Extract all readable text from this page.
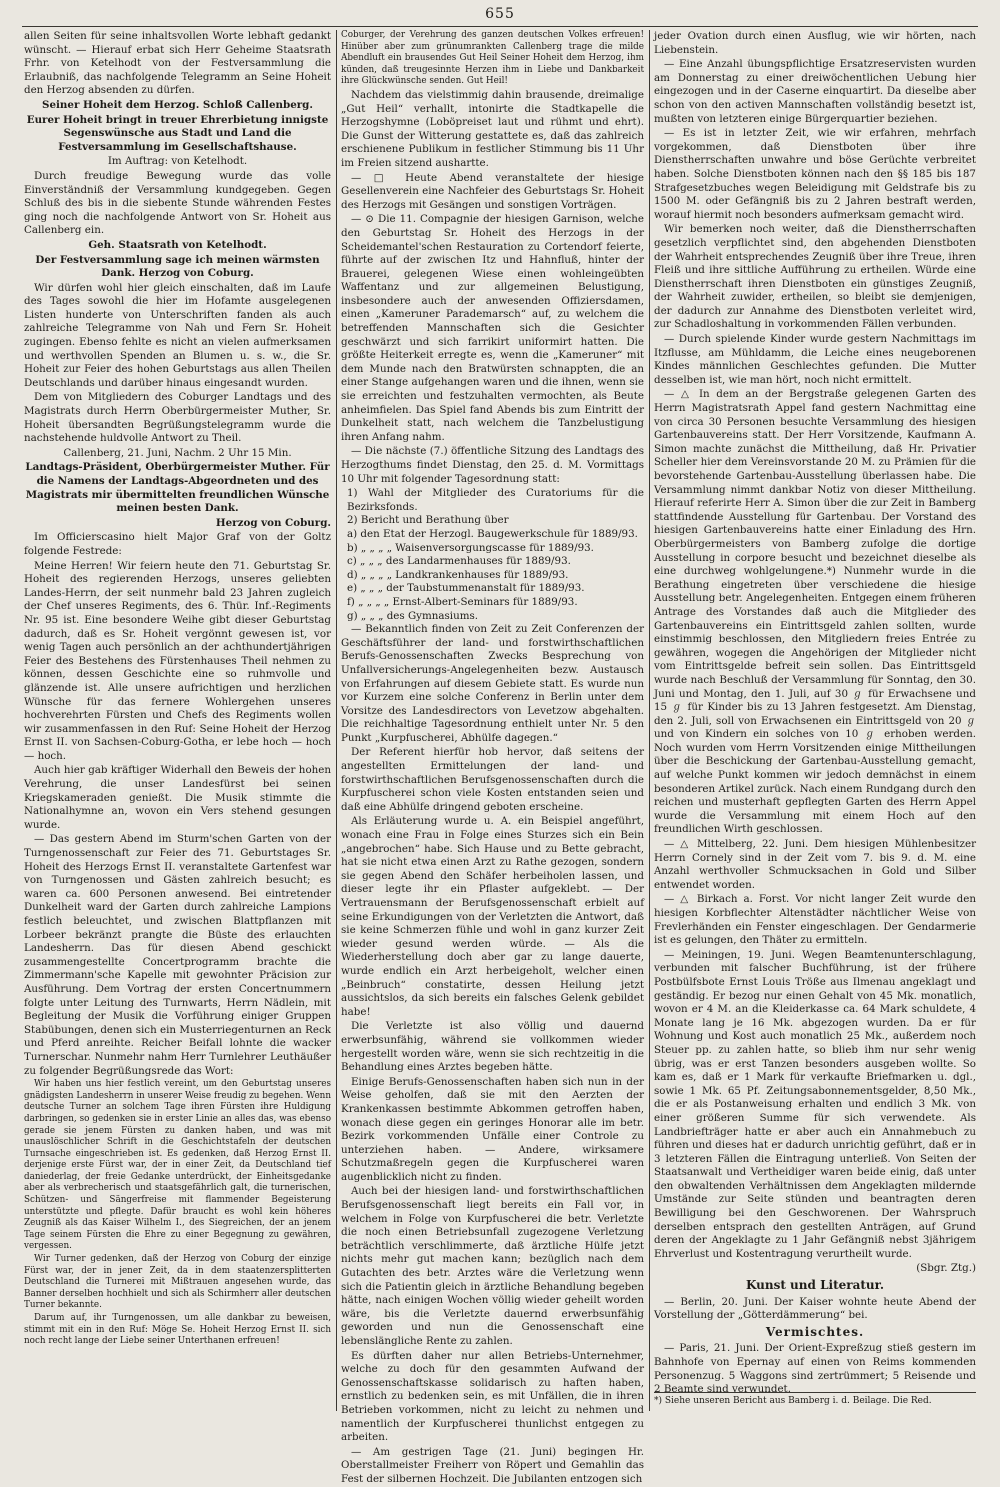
655

allen Seiten für seine inhaltsvollen Worte lebhaft gedankt wünscht. — Hierauf erbat sich Herr Geheime Staatsrath Frhr. von Ketelhodt von der Festversammlung die Erlaubniß, das nachfolgende Telegramm an Seine Hoheit den Herzog absenden zu dürfen.

Seiner Hoheit dem Herzog. Schloß Callenberg.

Eurer Hoheit bringt in treuer Ehrerbietung innigste Segenswünsche aus Stadt und Land die Festversammlung im Gesellschaftshause.

Im Auftrag: von Ketelhodt.

Durch freudige Bewegung wurde das volle Einverständniß der Versammlung kundgegeben. Gegen Schluß des bis in die siebente Stunde währenden Festes ging noch die nachfolgende Antwort von Sr. Hoheit aus Callenberg ein.

Geh. Staatsrath von Ketelhodt.

Der Festversammlung sage ich meinen wärmsten Dank. Herzog von Coburg.

Wir dürfen wohl hier gleich einschalten, daß im Laufe des Tages sowohl die hier im Hofamte ausgelegenen Listen hunderte von Unterschriften fanden als auch zahlreiche Telegramme von Nah und Fern Sr. Hoheit zugingen. Ebenso fehlte es nicht an vielen aufmerksamen und werthvollen Spenden an Blumen u. s. w., die Sr. Hoheit zur Feier des hohen Geburtstags aus allen Theilen Deutschlands und darüber hinaus eingesandt wurden.

Dem von Mitgliedern des Coburger Landtags und des Magistrats durch Herrn Oberbürgermeister Muther, Sr. Hoheit übersandten Begrüßungstelegramm wurde die nachstehende huldvolle Antwort zu Theil.

Callenberg, 21. Juni, Nachm. 2 Uhr 15 Min.

Landtags-Präsident, Oberbürgermeister Muther. Für die Namens der Landtags-Abgeordneten und des Magistrats mir übermittelten freundlichen Wünsche meinen besten Dank.

Herzog von Coburg.

Im Officierscasino hielt Major Graf von der Goltz folgende Festrede:

Meine Herren! Wir feiern heute den 71. Geburtstag Sr. Hoheit des regierenden Herzogs, unseres geliebten Landes-Herrn, der seit nunmehr bald 23 Jahren zugleich der Chef unseres Regiments, des 6. Thür. Inf.-Regiments Nr. 95 ist. Eine besondere Weihe gibt dieser Geburtstag dadurch, daß es Sr. Hoheit vergönnt gewesen ist, vor wenig Tagen auch persönlich an der achthundertjährigen Feier des Bestehens des Fürstenhauses Theil nehmen zu können, dessen Geschichte eine so ruhmvolle und glänzende ist. Alle unsere aufrichtigen und herzlichen Wünsche für das fernere Wohlergehen unseres hochverehrten Fürsten und Chefs des Regiments wollen wir zusammenfassen in den Ruf: Seine Hoheit der Herzog Ernst II. von Sachsen-Coburg-Gotha, er lebe hoch — hoch — hoch.

Auch hier gab kräftiger Widerhall den Beweis der hohen Verehrung, die unser Landesfürst bei seinen Kriegskameraden genießt. Die Musik stimmte die Nationalhymne an, wovon ein Vers stehend gesungen wurde.

— Das gestern Abend im Sturm'schen Garten von der Turngenossenschaft zur Feier des 71. Geburtstages Sr. Hoheit des Herzogs Ernst II. veranstaltete Gartenfest war von Turngenossen und Gästen zahlreich besucht; es waren ca. 600 Personen anwesend. Bei eintretender Dunkelheit ward der Garten durch zahlreiche Lampions festlich beleuchtet, und zwischen Blattpflanzen mit Lorbeer bekränzt prangte die Büste des erlauchten Landesherrn. Das für diesen Abend geschickt zusammengestellte Concertprogramm brachte die Zimmermann'sche Kapelle mit gewohnter Präcision zur Ausführung. Dem Vortrag der ersten Concertnummern folgte unter Leitung des Turnwarts, Herrn Nädlein, mit Begleitung der Musik die Vorführung einiger Gruppen Stabübungen, denen sich ein Musterriegenturnen an Reck und Pferd anreihte. Reicher Beifall lohnte die wacker Turnerschar. Nunmehr nahm Herr Turnlehrer Leuthäußer zu folgender Begrüßungsrede das Wort:

Wir haben uns hier festlich vereint, um den Geburtstag unseres gnädigsten Landesherrn in unserer Weise freudig zu begehen. Wenn deutsche Turner an solchem Tage ihren Fürsten ihre Huldigung darbringen, so gedenken sie in erster Linie an alles das, was ebenso gerade sie jenem Fürsten zu danken haben, und was mit unauslöschlicher Schrift in die Geschichtstafeln der deutschen Turnsache eingeschrieben ist. Es gedenken, daß Herzog Ernst II. derjenige erste Fürst war, der in einer Zeit, da Deutschland tief daniederlag, der freie Gedanke unterdrückt, der Einheitsgedanke aber als verbrecherisch und staatsgefährlich galt, die turnerischen, Schützen- und Sängerfreise mit flammender Begeisterung unterstützte und pflegte. Dafür braucht es wohl kein höheres Zeugniß als das Kaiser Wilhelm I., des Siegreichen, der an jenem Tage seinem Fürsten die Ehre zu einer Begegnung zu gewähren, vergessen.

Wir Turner gedenken, daß der Herzog von Coburg der einzige Fürst war, der in jener Zeit, da in dem staatenzersplitterten Deutschland die Turnerei mit Mißtrauen angesehen wurde, das Banner derselben hochhielt und sich als Schirmherr aller deutschen Turner bekannte.

Darum auf, ihr Turngenossen, um alle dankbar zu beweisen, stimmt mit ein in den Ruf: Möge Se. Hoheit Herzog Ernst II. sich noch recht lange der Liebe seiner Unterthanen erfreuen!

Coburger, der Verehrung des ganzen deutschen Volkes erfreuen! Hinüber aber zum grünumrankten Callenberg trage die milde Abendluft ein brausendes Gut Heil Seiner Hoheit dem Herzog, ihm künden, daß treugesinnte Herzen ihm in Liebe und Dankbarkeit ihre Glückwünsche senden. Gut Heil!

Nachdem das vielstimmig dahin brausende, dreimalige „Gut Heil“ verhallt, intonirte die Stadtkapelle die Herzogshymne (Loböpreiset laut und rühmt und ehrt). Die Gunst der Witterung gestattete es, daß das zahlreich erschienene Publikum in festlicher Stimmung bis 11 Uhr im Freien sitzend aushartte.

— □ Heute Abend veranstaltete der hiesige Gesellenverein eine Nachfeier des Geburtstags Sr. Hoheit des Herzogs mit Gesängen und sonstigen Vorträgen.

— ⊙ Die 11. Compagnie der hiesigen Garnison, welche den Geburtstag Sr. Hoheit des Herzogs in der Scheidemantel'schen Restauration zu Cortendorf feierte, führte auf der zwischen Itz und Hahnfluß, hinter der Brauerei, gelegenen Wiese einen wohleingeübten Waffentanz und zur allgemeinen Belustigung, insbesondere auch der anwesenden Offiziersdamen, einen „Kameruner Parademarsch“ auf, zu welchem die betreffenden Mannschaften sich die Gesichter geschwärzt und sich farrikirt uniformirt hatten. Die größte Heiterkeit erregte es, wenn die „Kameruner“ mit dem Munde nach den Bratwürsten schnappten, die an einer Stange aufgehangen waren und die ihnen, wenn sie sie erreichten und festzuhalten vermochten, als Beute anheimfielen. Das Spiel fand Abends bis zum Eintritt der Dunkelheit statt, nach welchem die Tanzbelustigung ihren Anfang nahm.

— Die nächste (7.) öffentliche Sitzung des Landtags des Herzogthums findet Dienstag, den 25. d. M. Vormittags 10 Uhr mit folgender Tagesordnung statt:

1) Wahl der Mitglieder des Curatoriums für die Bezirksfonds.
2) Bericht und Berathung über
a) den Etat der Herzogl. Baugewerkschule für 1889/93.
b) „ „ „ „ Waisenversorgungscasse für 1889/93.
c) „ „ „ des Landarmenhauses für 1889/93.
d) „ „ „ „ Landkrankenhauses für 1889/93.
e) „ „ „ der Taubstummenanstalt für 1889/93.
f) „ „ „ „ Ernst-Albert-Seminars für 1889/93.
g) „ „ „ des Gymnasiums.

— Bekanntlich finden von Zeit zu Zeit Conferenzen der Geschäftsführer der land- und forstwirthschaftlichen Berufs-Genossenschaften Zwecks Besprechung von Unfallversicherungs-Angelegenheiten bezw. Austausch von Erfahrungen auf diesem Gebiete statt. Es wurde nun vor Kurzem eine solche Conferenz in Berlin unter dem Vorsitze des Landesdirectors von Levetzow abgehalten. Die reichhaltige Tagesordnung enthielt unter Nr. 5 den Punkt „Kurpfuscherei, Abhülfe dagegen.“

Der Referent hierfür hob hervor, daß seitens der angestellten Ermittelungen der land- und forstwirthschaftlichen Berufsgenossenschaften durch die Kurpfuscherei schon viele Kosten entstanden seien und daß eine Abhülfe dringend geboten erscheine.

Als Erläuterung wurde u. A. ein Beispiel angeführt, wonach eine Frau in Folge eines Sturzes sich ein Bein „angebrochen“ habe. Sich Hause und zu Bette gebracht, hat sie nicht etwa einen Arzt zu Rathe gezogen, sondern sie gegen Abend den Schäfer herbeiholen lassen, und dieser legte ihr ein Pflaster aufgeklebt. — Der Vertrauensmann der Berufsgenossenschaft erbielt auf seine Erkundigungen von der Verletzten die Antwort, daß sie keine Schmerzen fühle und wohl in ganz kurzer Zeit wieder gesund werden würde. — Als die Wiederherstellung doch aber gar zu lange dauerte, wurde endlich ein Arzt herbeigeholt, welcher einen „Beinbruch“ constatirte, dessen Heilung jetzt aussichtslos, da sich bereits ein falsches Gelenk gebildet habe!

Die Verletzte ist also völlig und dauernd erwerbsunfähig, während sie vollkommen wieder hergestellt worden wäre, wenn sie sich rechtzeitig in die Behandlung eines Arztes begeben hätte.

Einige Berufs-Genossenschaften haben sich nun in der Weise geholfen, daß sie mit den Aerzten der Krankenkassen bestimmte Abkommen getroffen haben, wonach diese gegen ein geringes Honorar alle im betr. Bezirk vorkommenden Unfälle einer Controle zu unterziehen haben. — Andere, wirksamere Schutzmaßregeln gegen die Kurpfuscherei waren augenblicklich nicht zu finden.

Auch bei der hiesigen land- und forstwirthschaftlichen Berufsgenossenschaft liegt bereits ein Fall vor, in welchem in Folge von Kurpfuscherei die betr. Verletzte die noch einen Betriebsunfall zugezogene Verletzung beträchtlich verschlimmerte, daß ärztliche Hülfe jetzt nichts mehr gut machen kann; bezüglich nach dem Gutachten des betr. Arztes wäre die Verletzung wenn sich die Patientin gleich in ärztliche Behandlung begeben hätte, nach einigen Wochen völlig wieder geheilt worden wäre, bis die Verletzte dauernd erwerbsunfähig geworden und nun die Genossenschaft eine lebenslängliche Rente zu zahlen.

Es dürften daher nur allen Betriebs-Unternehmer, welche zu doch für den gesammten Aufwand der Genossenschaftskasse solidarisch zu haften haben, ernstlich zu bedenken sein, es mit Unfällen, die in ihren Betrieben vorkommen, nicht zu leicht zu nehmen und namentlich der Kurpfuscherei thunlichst entgegen zu arbeiten.

— Am gestrigen Tage (21. Juni) begingen Hr. Oberstallmeister Freiherr von Röpert und Gemahlin das Fest der silbernen Hochzeit. Die Jubilanten entzogen sich

jeder Ovation durch einen Ausflug, wie wir hörten, nach Liebenstein.

— Eine Anzahl übungspflichtige Ersatzreservisten wurden am Donnerstag zu einer dreiwöchentlichen Uebung hier eingezogen und in der Caserne einquartirt. Da dieselbe aber schon von den activen Mannschaften vollständig besetzt ist, mußten von letzteren einige Bürgerquartier beziehen.

— Es ist in letzter Zeit, wie wir erfahren, mehrfach vorgekommen, daß Dienstboten über ihre Dienstherrschaften unwahre und böse Gerüchte verbreitet haben. Solche Dienstboten können nach den §§ 185 bis 187 Strafgesetzbuches wegen Beleidigung mit Geldstrafe bis zu 1500 M. oder Gefängniß bis zu 2 Jahren bestraft werden, worauf hiermit noch besonders aufmerksam gemacht wird.

Wir bemerken noch weiter, daß die Dienstherrschaften gesetzlich verpflichtet sind, den abgehenden Dienstboten der Wahrheit entsprechendes Zeugniß über ihre Treue, ihren Fleiß und ihre sittliche Aufführung zu ertheilen. Würde eine Dienstherrschaft ihren Dienstboten ein günstiges Zeugniß, der Wahrheit zuwider, ertheilen, so bleibt sie demjenigen, der dadurch zur Annahme des Dienstboten verleitet wird, zur Schadloshaltung in vorkommenden Fällen verbunden.

— Durch spielende Kinder wurde gestern Nachmittags im Itzflusse, am Mühldamm, die Leiche eines neugeborenen Kindes männlichen Geschlechtes gefunden. Die Mutter desselben ist, wie man hört, noch nicht ermittelt.

— △ In dem an der Bergstraße gelegenen Garten des Herrn Magistratsrath Appel fand gestern Nachmittag eine von circa 30 Personen besuchte Versammlung des hiesigen Gartenbauvereins statt. Der Herr Vorsitzende, Kaufmann A. Simon machte zunächst die Mittheilung, daß Hr. Privatier Scheller hier dem Vereinsvorstande 20 M. zu Prämien für die bevorstehende Gartenbau-Ausstellung überlassen habe. Die Versammlung nimmt dankbar Notiz von dieser Mittheilung. Hierauf referirte Herr A. Simon über die zur Zeit in Bamberg stattfindende Ausstellung für Gartenbau. Der Vorstand des hiesigen Gartenbauvereins hatte einer Einladung des Hrn. Oberbürgermeisters von Bamberg zufolge die dortige Ausstellung in corpore besucht und bezeichnet dieselbe als eine durchweg wohlgelungene.*) Nunmehr wurde in die Berathung eingetreten über verschiedene die hiesige Ausstellung betr. Angelegenheiten. Entgegen einem früheren Antrage des Vorstandes daß auch die Mitglieder des Gartenbauvereins ein Eintrittsgeld zahlen sollten, wurde einstimmig beschlossen, den Mitgliedern freies Entrée zu gewähren, wogegen die Angehörigen der Mitglieder nicht vom Eintrittsgelde befreit sein sollen. Das Eintrittsgeld wurde nach Beschluß der Versammlung für Sonntag, den 30. Juni und Montag, den 1. Juli, auf 30 ℊ für Erwachsene und 15 ℊ für Kinder bis zu 13 Jahren festgesetzt. Am Dienstag, den 2. Juli, soll von Erwachsenen ein Eintrittsgeld von 20 ℊ und von Kindern ein solches von 10 ℊ erhoben werden. Noch wurden vom Herrn Vorsitzenden einige Mittheilungen über die Beschickung der Gartenbau-Ausstellung gemacht, auf welche Punkt kommen wir jedoch demnächst in einem besonderen Artikel zurück. Nach einem Rundgang durch den reichen und musterhaft gepflegten Garten des Herrn Appel wurde die Versammlung mit einem Hoch auf den freundlichen Wirth geschlossen.

— △ Mittelberg, 22. Juni. Dem hiesigen Mühlenbesitzer Herrn Cornely sind in der Zeit vom 7. bis 9. d. M. eine Anzahl werthvoller Schmucksachen in Gold und Silber entwendet worden.

— △ Birkach a. Forst. Vor nicht langer Zeit wurde den hiesigen Korbflechter Altenstädter nächtlicher Weise von Frevlerhänden ein Fenster eingeschlagen. Der Gendarmerie ist es gelungen, den Thäter zu ermitteln.

— Meiningen, 19. Juni. Wegen Beamtenunterschlagung, verbunden mit falscher Buchführung, ist der frühere Postbülfsbote Ernst Louis Tröße aus Ilmenau angeklagt und geständig. Er bezog nur einen Gehalt von 45 Mk. monatlich, wovon er 4 M. an die Kleiderkasse ca. 64 Mark schuldete, 4 Monate lang je 16 Mk. abgezogen wurden. Da er für Wohnung und Kost auch monatlich 25 Mk., außerdem noch Steuer pp. zu zahlen hatte, so blieb ihm nur sehr wenig übrig, was er erst Tanzen besonders ausgeben wollte. So kam es, daß er 1 Mark für verkaufte Briefmarken u. dgl., sowie 1 Mk. 65 Pf. Zeitungsabonnementsgelder, 8,50 Mk., die er als Postanweisung erhalten und endlich 3 Mk. von einer größeren Summe für sich verwendete. Als Landbriefträger hatte er aber auch ein Annahmebuch zu führen und dieses hat er dadurch unrichtig geführt, daß er in 3 letzteren Fällen die Eintragung unterließ. Von Seiten der Staatsanwalt und Vertheidiger waren beide einig, daß unter den obwaltenden Verhältnissen dem Angeklagten mildernde Umstände zur Seite stünden und beantragten deren Bewilligung bei den Geschworenen. Der Wahrspruch derselben entsprach den gestellten Anträgen, auf Grund deren der Angeklagte zu 1 Jahr Gefängniß nebst 3jährigem Ehrverlust und Kostentragung verurtheilt wurde.

(Sbgr. Ztg.)

Kunst und Literatur.

— Berlin, 20. Juni. Der Kaiser wohnte heute Abend der Vorstellung der „Götterdämmerung“ bei.

Vermischtes.

— Paris, 21. Juni. Der Orient-Expreßzug stieß gestern im Bahnhofe von Epernay auf einen von Reims kommenden Personenzug. 5 Waggons sind zertrümmert; 5 Reisende und 2 Beamte sind verwundet.

*) Siehe unseren Bericht aus Bamberg i. d. Beilage. Die Red.
